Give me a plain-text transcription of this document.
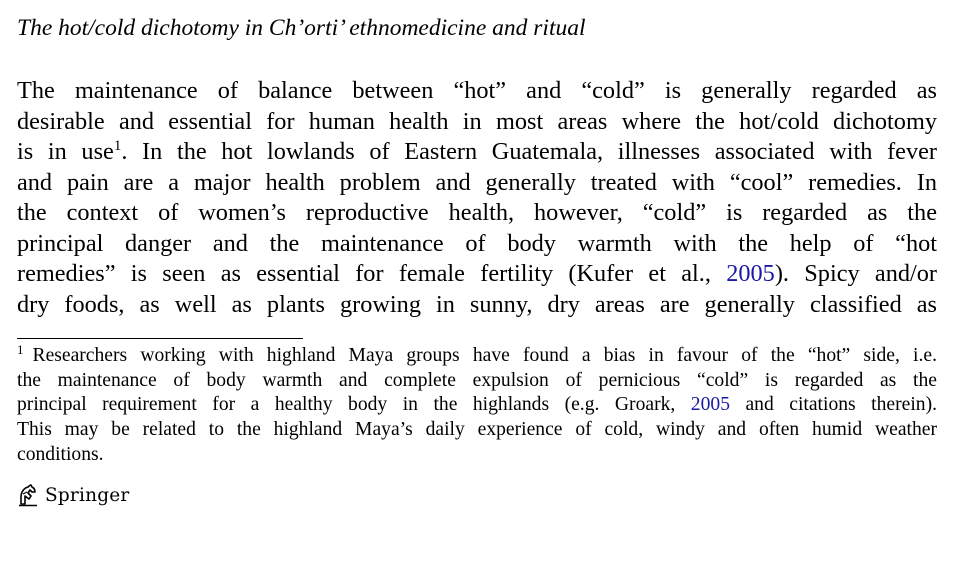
The hot/cold dichotomy in Ch’orti’ ethnomedicine and ritual
The maintenance of balance between “hot” and “cold” is generally regarded as
desirable and essential for human health in most areas where the hot/cold dichotomy
is in use$^1$. In the hot lowlands of Eastern Guatemala, illnesses associated with fever
and pain are a major health problem and generally treated with “cool” remedies. In
the context of women’s reproductive health, however, “cold” is regarded as the
principal danger and the maintenance of body warmth with the help of “hot
remedies” is seen as essential for female fertility (Kufer et al., 2005). Spicy and/or
dry foods, as well as plants growing in sunny, dry areas are generally classified as
$^1$ Researchers working with highland Maya groups have found a bias in favour of the “hot” side, i.e.
the maintenance of body warmth and complete expulsion of pernicious “cold” is regarded as the
principal requirement for a healthy body in the highlands (e.g. Groark, 2005 and citations therein).
This may be related to the highland Maya’s daily experience of cold, windy and often humid weather
conditions.
Springer
